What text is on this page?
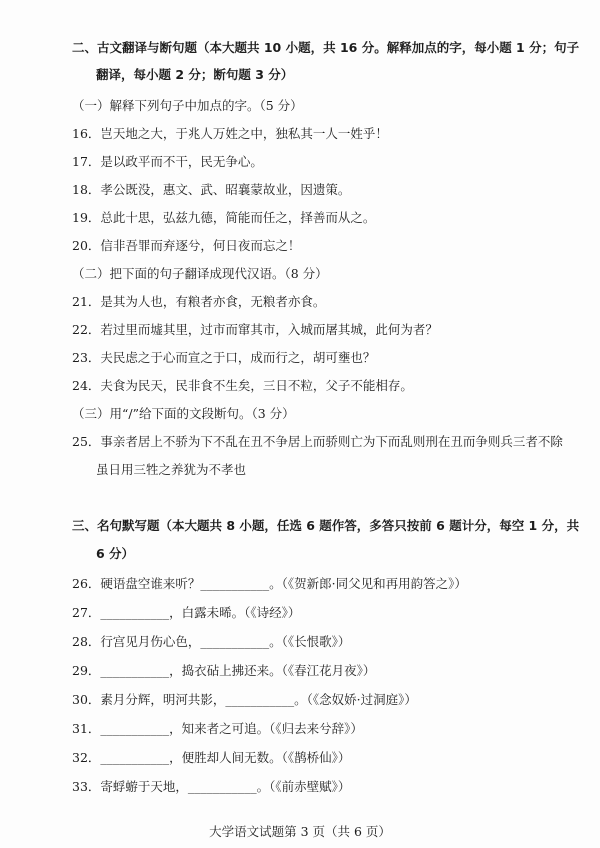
二、古文翻译与断句题（本大题共 10 小题，共 16 分。解释加点的字，每小题 1 分；句子
翻译，每小题 2 分；断句题 3 分）
（一）解释下列句子中加点的字。（5 分）
16．岂天地之大，于兆人万姓之中，独私其一人一姓乎！
17．是以政平而不干，民无争心。
18．孝公既没，惠文、武、昭襄蒙故业，因遗策。
19．总此十思，弘兹九德，简能而任之，择善而从之。
20．信非吾罪而弃逐兮，何日夜而忘之！
（二）把下面的句子翻译成现代汉语。（8 分）
21．是其为人也，有粮者亦食，无粮者亦食。
22．若过里而墟其里，过市而窜其市，入城而屠其城，此何为者？
23．夫民虑之于心而宣之于口，成而行之，胡可壅也？
24．夫食为民天，民非食不生矣，三日不粒，父子不能相存。
（三）用“/”给下面的文段断句。（3 分）
25．事亲者居上不骄为下不乱在丑不争居上而骄则亡为下而乱则刑在丑而争则兵三者不除
虽日用三牲之养犹为不孝也
三、名句默写题（本大题共 8 小题，任选 6 题作答，多答只按前 6 题计分，每空 1 分，共
6 分）
26．硬语盘空谁来听？___________。（《贺新郎·同父见和再用韵答之》）
27．___________，白露未晞。（《诗经》）
28．行宫见月伤心色，___________。（《长恨歌》）
29．___________，捣衣砧上拂还来。（《春江花月夜》）
30．素月分辉，明河共影，___________。（《念奴娇·过洞庭》）
31．___________，知来者之可追。（《归去来兮辞》）
32．___________，便胜却人间无数。（《鹊桥仙》）
33．寄蜉蝣于天地，___________。（《前赤壁赋》）
大学语文试题第 3 页（共 6 页）
